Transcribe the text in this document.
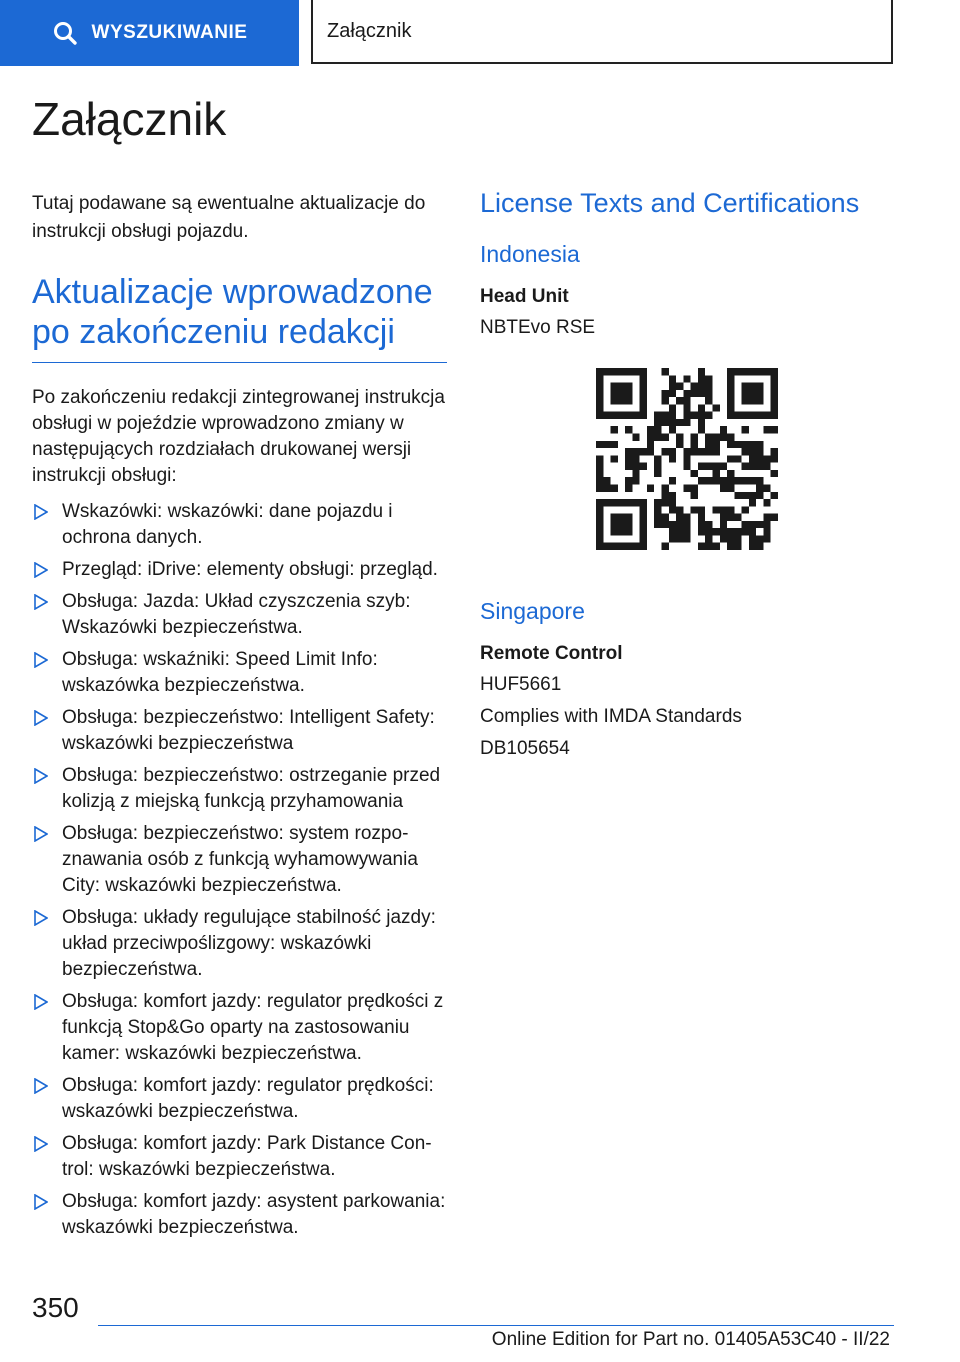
WYSZUKIWANIE	Załącznik
Załącznik

Tutaj podawane są ewentualne aktualizacje do instrukcji obsługi pojazdu.

Aktualizacje wprowadzone po zakończeniu redakcji

Po zakończeniu redakcji zintegrowanej instrukcja obsługi w pojeździe wprowadzono zmiany w następujących rozdziałach drukowanej wersji instrukcji obsługi:

Wskazówki: wskazówki: dane pojazdu i ochrona danych.
Przegląd: iDrive: elementy obsługi: przegląd.
Obsługa: Jazda: Układ czyszczenia szyb: Wskazówki bezpieczeństwa.
Obsługa: wskaźniki: Speed Limit Info: wskazówka bezpieczeństwa.
Obsługa: bezpieczeństwo: Intelligent Safety: wskazówki bezpieczeństwa
Obsługa: bezpieczeństwo: ostrzeganie przed kolizją z miejską funkcją przyhamowania
Obsługa: bezpieczeństwo: system rozpoznawania osób z funkcją wyhamowywania City: wskazówki bezpieczeństwa.
Obsługa: układy regulujące stabilność jazdy: układ przeciwpoślizgowy: wskazówki bezpieczeństwa.
Obsługa: komfort jazdy: regulator prędkości z funkcją Stop&Go oparty na zastosowaniu kamer: wskazówki bezpieczeństwa.
Obsługa: komfort jazdy: regulator prędkości: wskazówki bezpieczeństwa.
Obsługa: komfort jazdy: Park Distance Control: wskazówki bezpieczeństwa.
Obsługa: komfort jazdy: asystent parkowania: wskazówki bezpieczeństwa.
License Texts and Certifications
Indonesia

Head Unit

NBTEvo RSE

Singapore

Remote Control

HUF5661

Complies with IMDA Standards

DB105654

350
Online Edition for Part no. 01405A53C40 - II/22
